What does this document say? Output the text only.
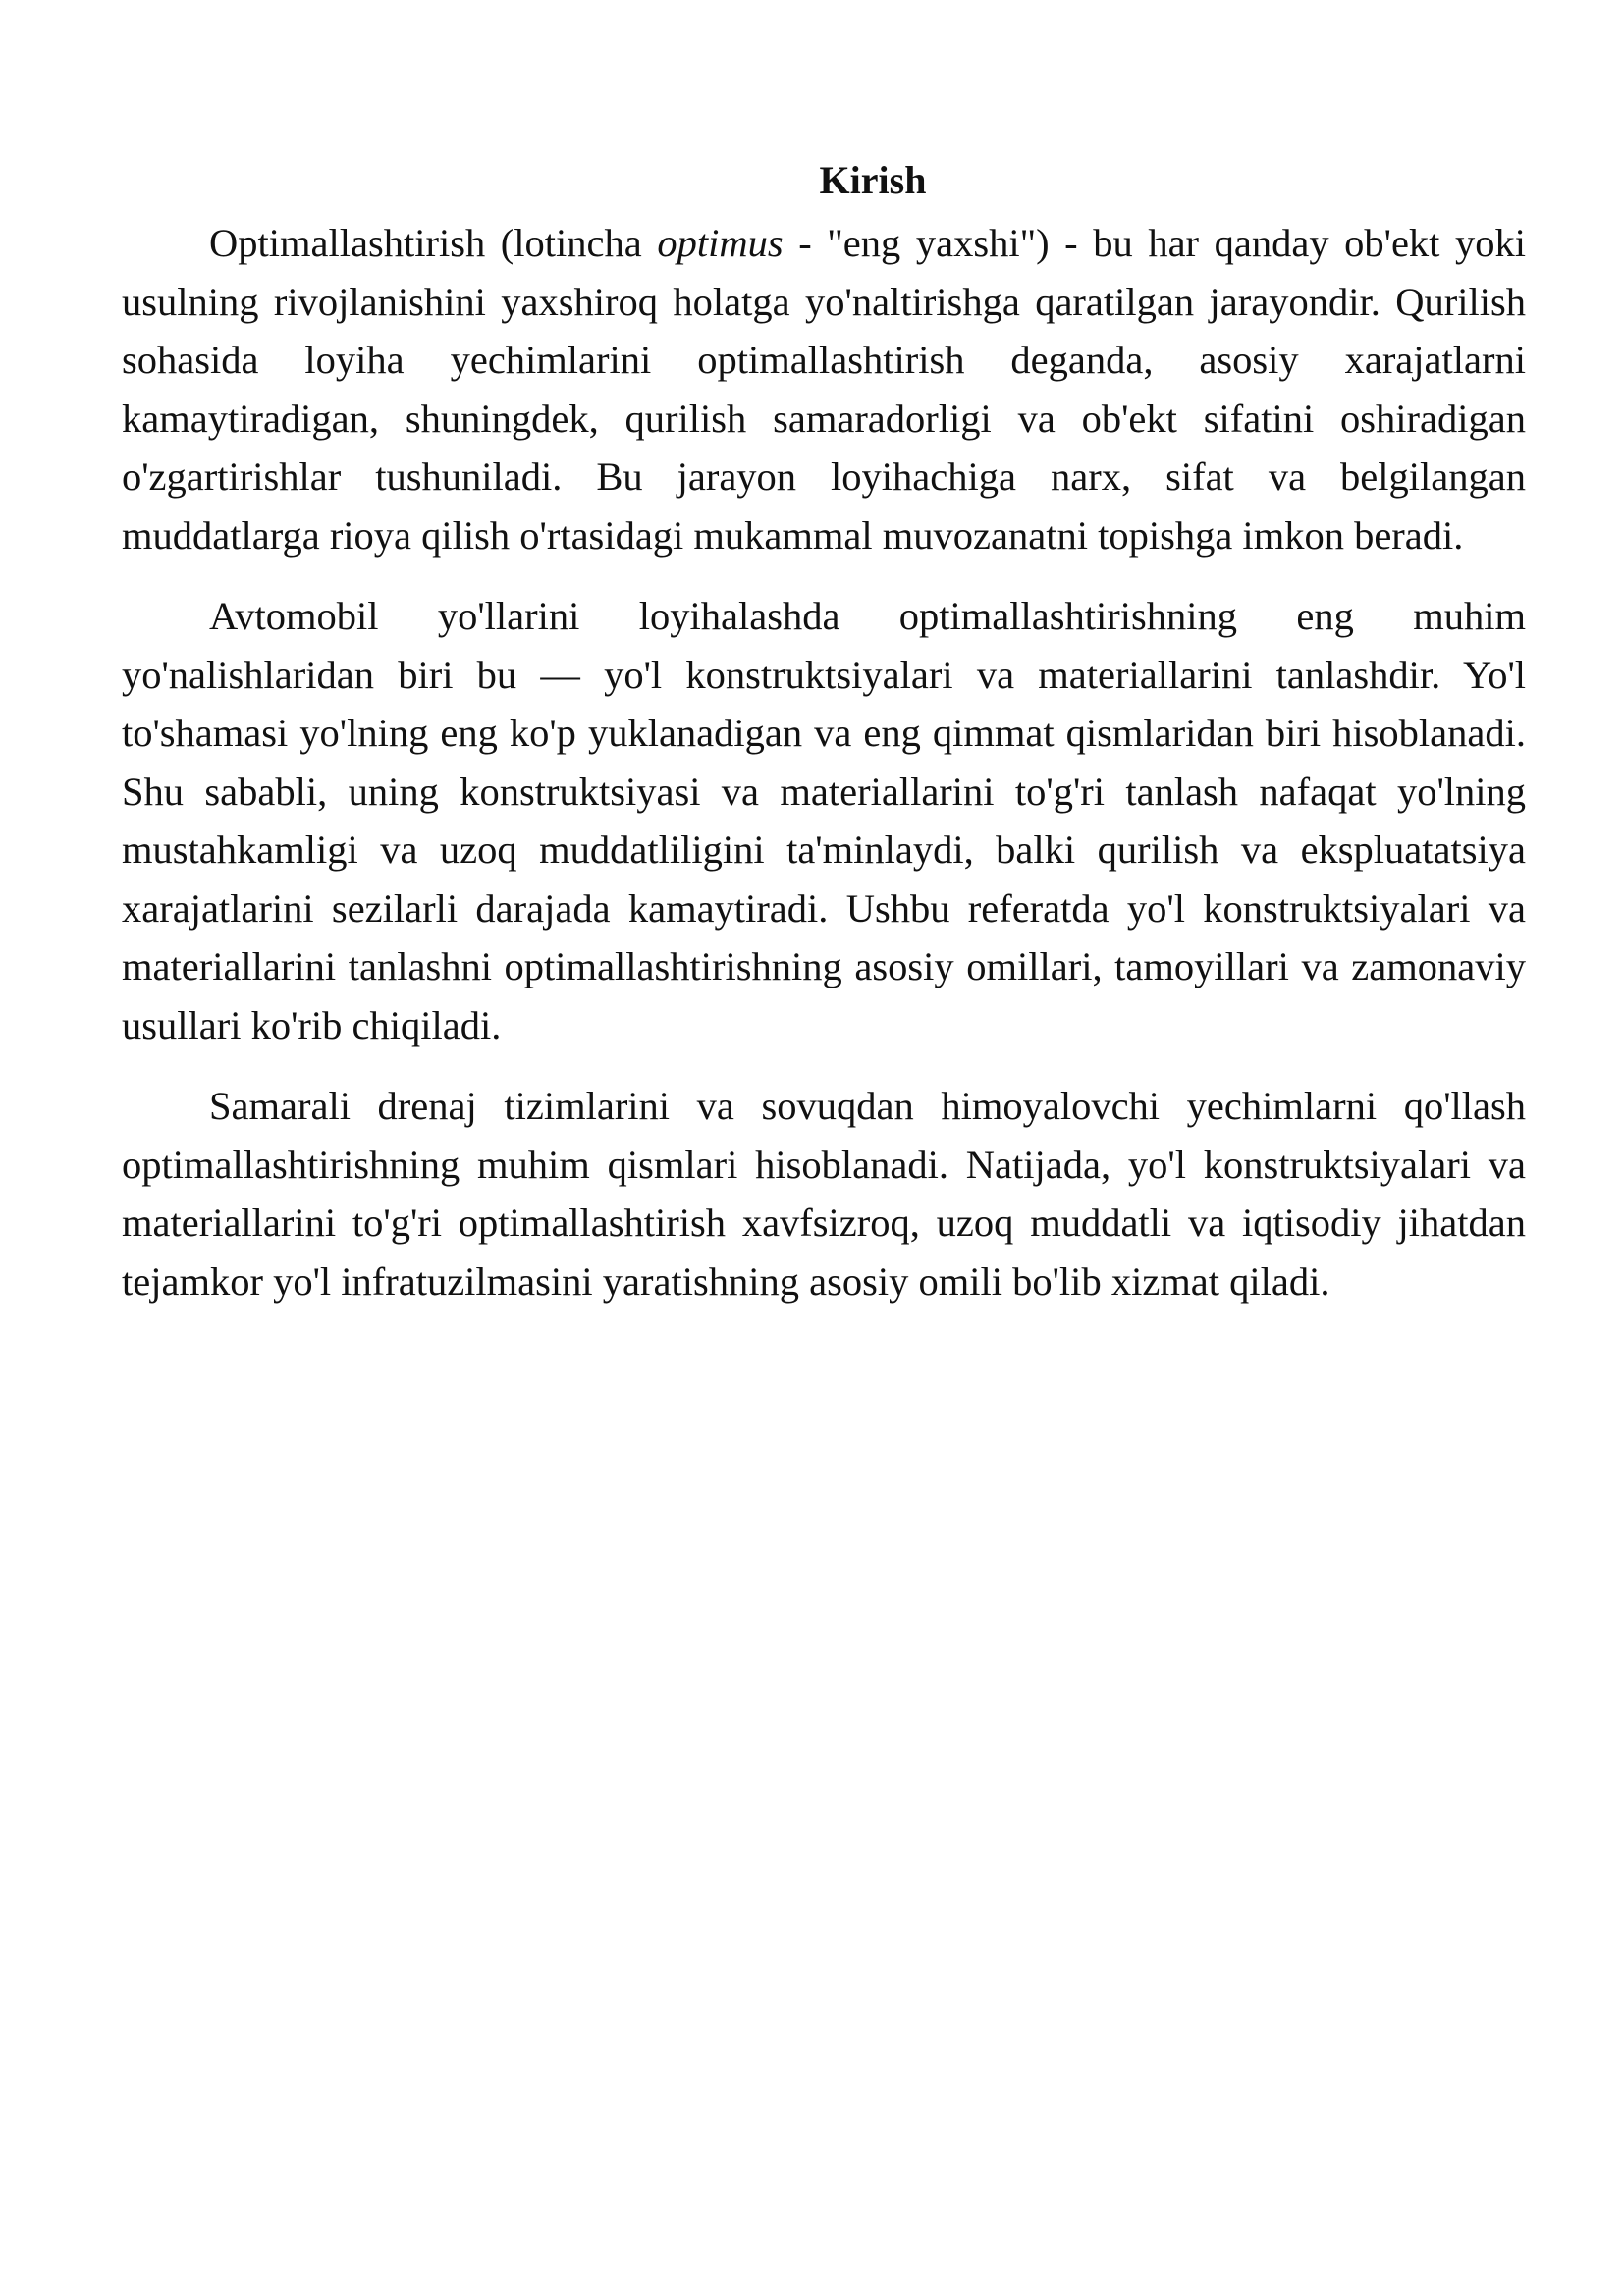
Kirish

Optimallashtirish (lotincha optimus - "eng yaxshi") - bu har qanday ob'ekt yoki usulning rivojlanishini yaxshiroq holatga yo'naltirishga qaratilgan jarayondir. Qurilish sohasida loyiha yechimlarini optimallashtirish deganda, asosiy xarajatlarni kamaytiradigan, shuningdek, qurilish samaradorligi va ob'ekt sifatini oshiradigan o'zgartirishlar tushuniladi. Bu jarayon loyihachiga narx, sifat va belgilangan muddatlarga rioya qilish o'rtasidagi mukammal muvozanatni topishga imkon beradi.

Avtomobil yo'llarini loyihalashda optimallashtirishning eng muhim yo'nalishlaridan biri bu — yo'l konstruktsiyalari va materiallarini tanlashdir. Yo'l to'shamasi yo'lning eng ko'p yuklanadigan va eng qimmat qismlaridan biri hisoblanadi. Shu sababli, uning konstruktsiyasi va materiallarini to'g'ri tanlash nafaqat yo'lning mustahkamligi va uzoq muddatliligini ta'minlaydi, balki qurilish va ekspluatatsiya xarajatlarini sezilarli darajada kamaytiradi. Ushbu referatda yo'l konstruktsiyalari va materiallarini tanlashni optimallashtirishning asosiy omillari, tamoyillari va zamonaviy usullari ko'rib chiqiladi.

Samarali drenaj tizimlarini va sovuqdan himoyalovchi yechimlarni qo'llash optimallashtirishning muhim qismlari hisoblanadi. Natijada, yo'l konstruktsiyalari va materiallarini to'g'ri optimallashtirish xavfsizroq, uzoq muddatli va iqtisodiy jihatdan tejamkor yo'l infratuzilmasini yaratishning asosiy omili bo'lib xizmat qiladi.
